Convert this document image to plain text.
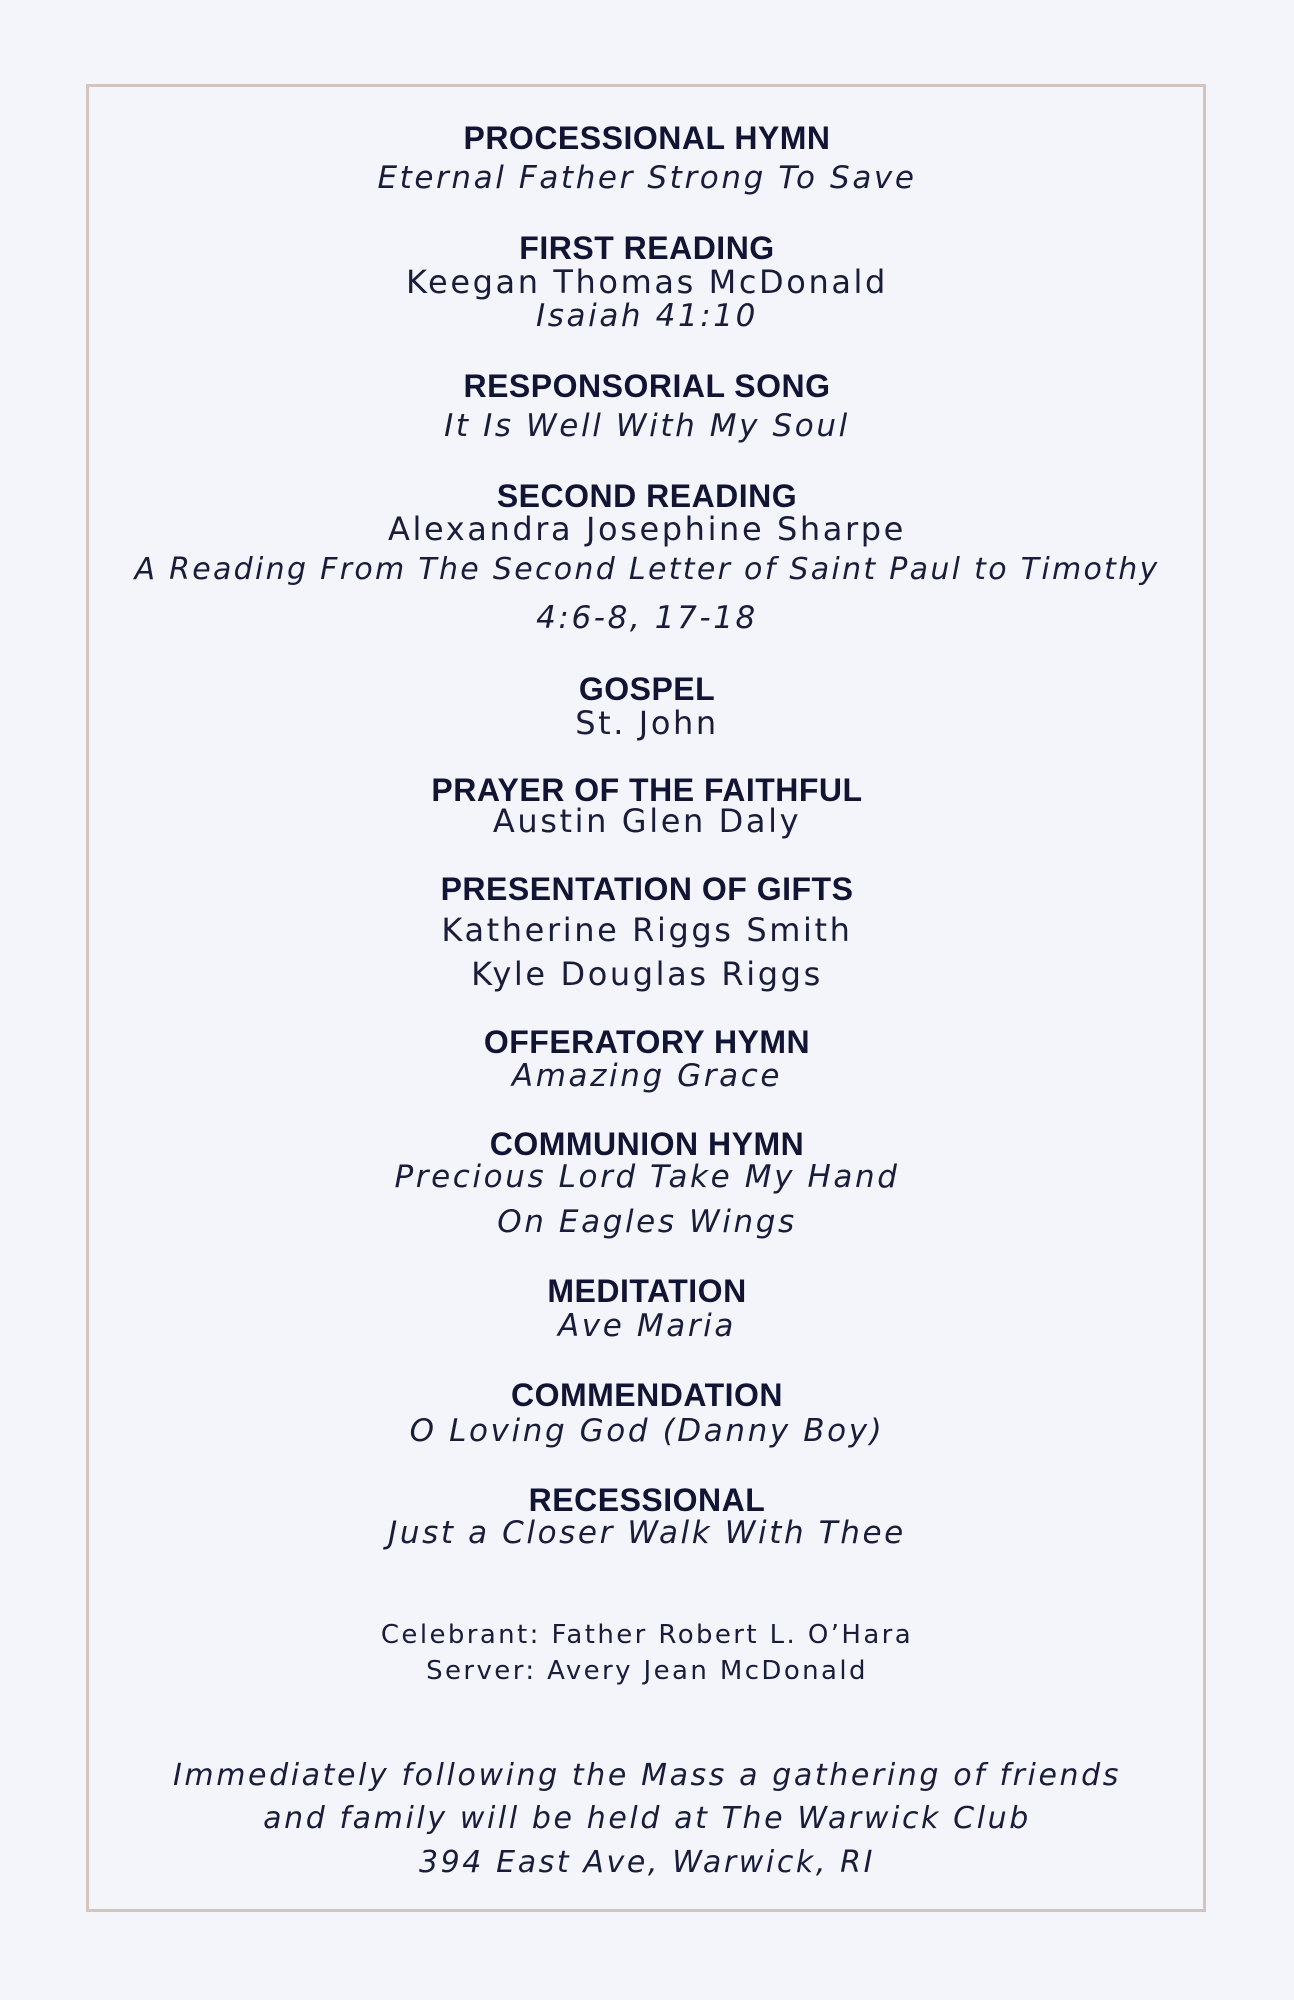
PROCESSIONAL HYMN
Eternal Father Strong To Save
FIRST READING
Keegan Thomas McDonald
Isaiah 41:10
RESPONSORIAL SONG
It Is Well With My Soul
SECOND READING
Alexandra Josephine Sharpe
A Reading From The Second Letter of Saint Paul to Timothy
4:6-8, 17-18
GOSPEL
St. John
PRAYER OF THE FAITHFUL
Austin Glen Daly
PRESENTATION OF GIFTS
Katherine Riggs Smith
Kyle Douglas Riggs
OFFERATORY HYMN
Amazing Grace
COMMUNION HYMN
Precious Lord Take My Hand
On Eagles Wings
MEDITATION
Ave Maria
COMMENDATION
O Loving God (Danny Boy)
RECESSIONAL
Just a Closer Walk With Thee
Celebrant: Father Robert L. O’Hara
Server: Avery Jean McDonald
Immediately following the Mass a gathering of friends
and family will be held at The Warwick Club
394 East Ave, Warwick, RI
